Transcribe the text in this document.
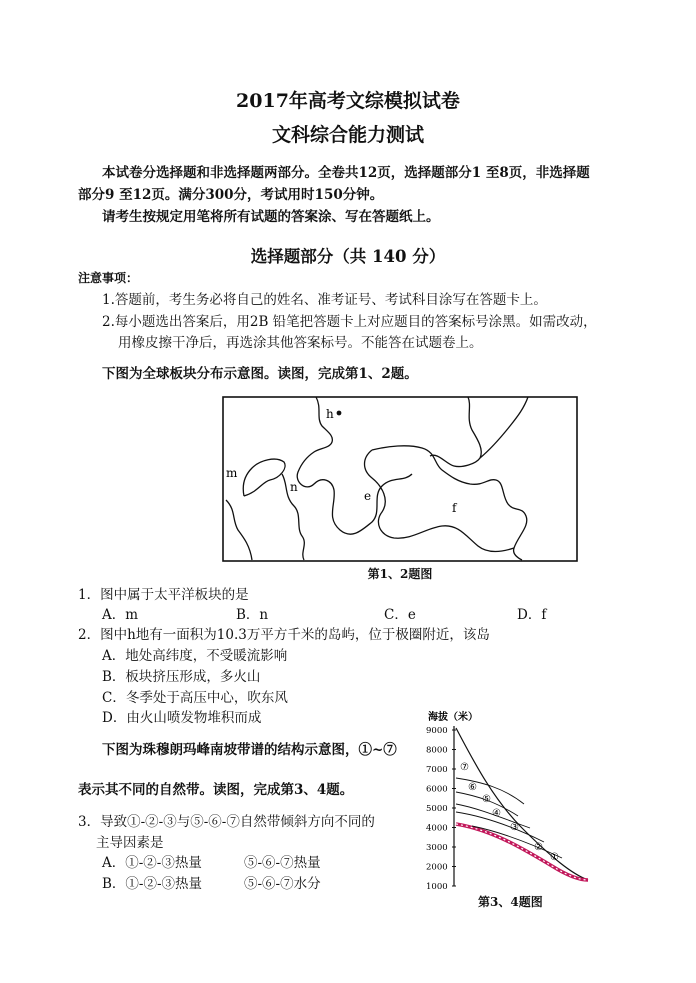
2017年高考文综模拟试卷
文科综合能力测试
本试卷分选择题和非选择题两部分。全卷共12页，选择题部分1 至8页，非选择题
部分9 至12页。满分300分，考试用时150分钟。
请考生按规定用笔将所有试题的答案涂、写在答题纸上。
选择题部分（共 140 分）
注意事项：
1.答题前，考生务必将自己的姓名、准考证号、考试科目涂写在答题卡上。
2.每小题选出答案后，用2B 铅笔把答题卡上对应题目的答案标号涂黑。如需改动，
用橡皮擦干净后，再选涂其他答案标号。不能答在试题卷上。
下图为全球板块分布示意图。读图，完成第1、2题。
h
m
n
e
f
第1、2题图
1．图中属于太平洋板块的是
A．m	B．n	C．e	D．f
2．图中h地有一面积为10.3万平方千米的岛屿，位于极圈附近，该岛
A．地处高纬度，不受暖流影响
B．板块挤压形成，多火山
C．冬季处于高压中心，吹东风
D．由火山喷发物堆积而成
下图为珠穆朗玛峰南坡带谱的结构示意图，①~⑦
表示其不同的自然带。读图，完成第3、4题。
3．导致①-②-③与⑤-⑥-⑦自然带倾斜方向不同的
主导因素是
A．①-②-③热量	⑤-⑥-⑦热量
B．①-②-③热量	⑤-⑥-⑦水分
海拔（米）
9000
8000
7000
6000
5000
4000
3000
2000
1000
⑦
⑥
⑤
④
③
②
①
第3、4题图
